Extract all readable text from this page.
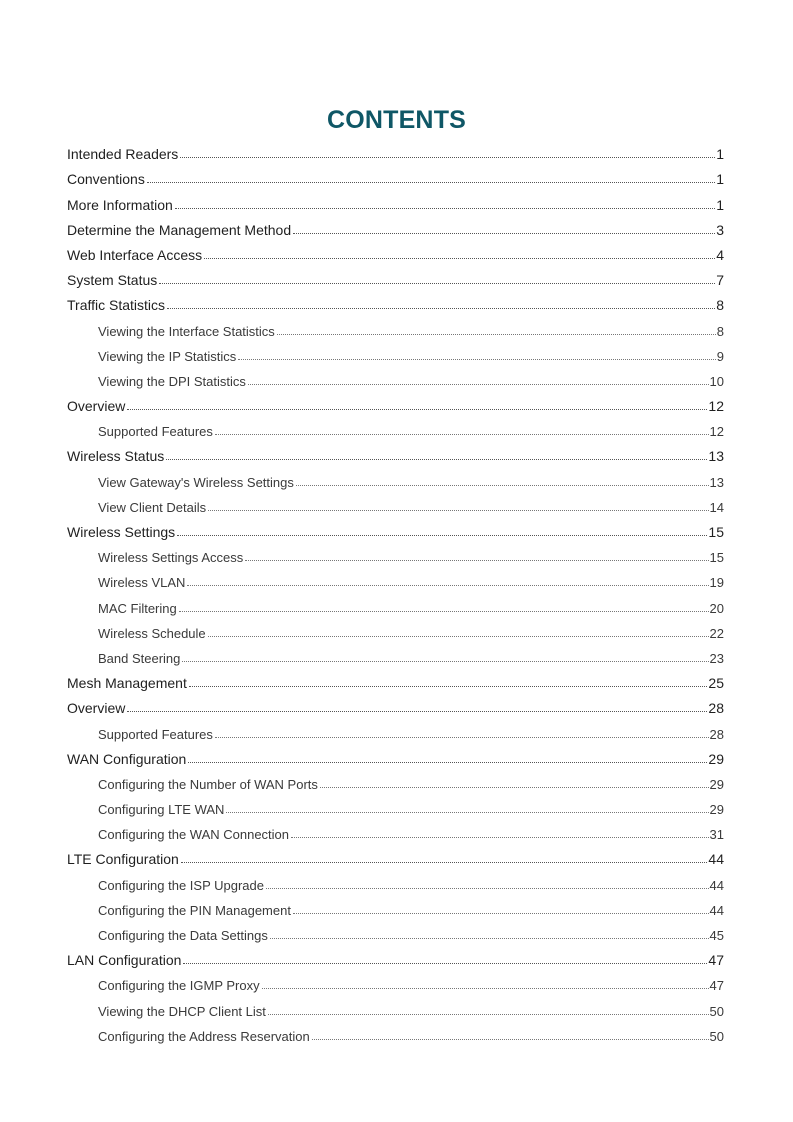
CONTENTS
Intended Readers	1
Conventions	1
More Information	1
Determine the Management Method	3
Web Interface Access	4
System Status	7
Traffic Statistics	8
Viewing the Interface Statistics	8
Viewing the IP Statistics	9
Viewing the DPI Statistics	10
Overview	12
Supported Features	12
Wireless Status	13
View Gateway's Wireless Settings	13
View Client Details	14
Wireless Settings	15
Wireless Settings Access	15
Wireless VLAN	19
MAC Filtering	20
Wireless Schedule	22
Band Steering	23
Mesh Management	25
Overview	28
Supported Features	28
WAN Configuration	29
Configuring the Number of WAN Ports	29
Configuring LTE WAN	29
Configuring the WAN Connection	31
LTE Configuration	44
Configuring the ISP Upgrade	44
Configuring the PIN Management	44
Configuring the Data Settings	45
LAN Configuration	47
Configuring the IGMP Proxy	47
Viewing the DHCP Client List	50
Configuring the Address Reservation	50
